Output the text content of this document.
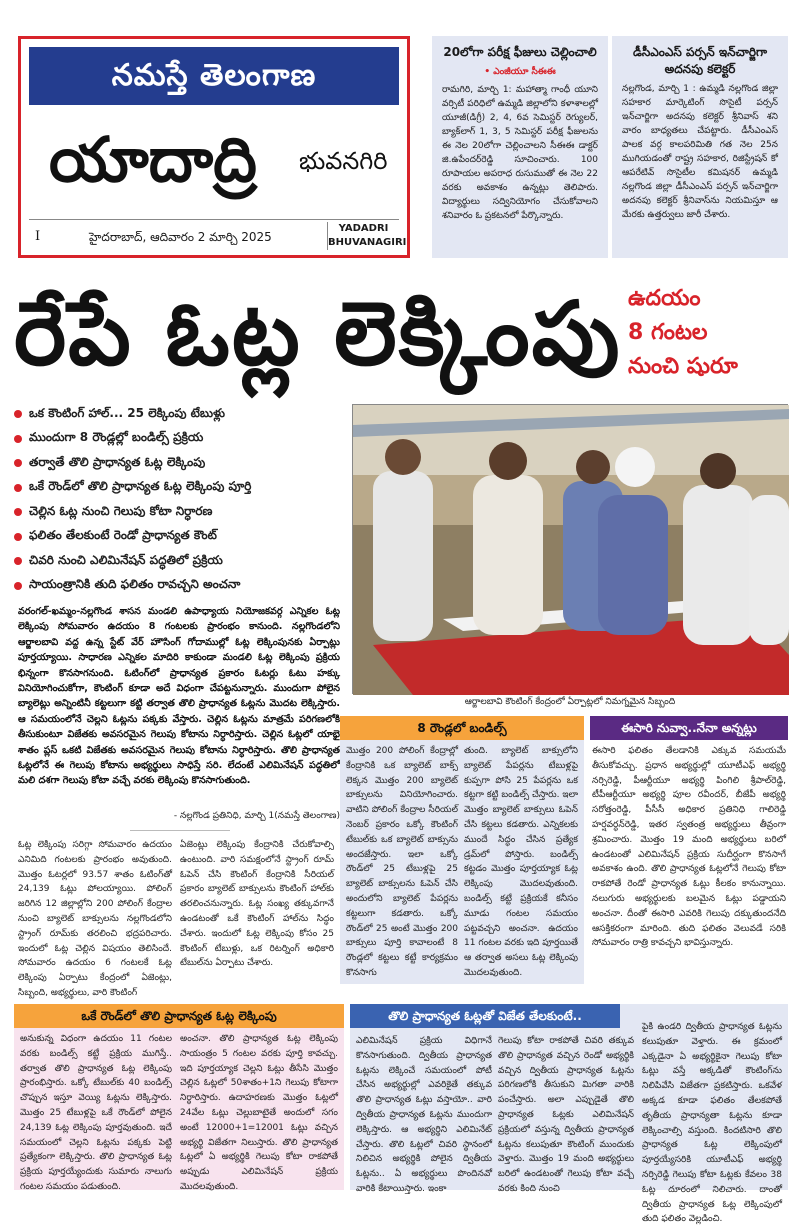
నమస్తే తెలంగాణ
యాదాద్రి భువనగిరి
I	హైదరాబాద్‌, ఆదివారం 2 మార్చి 2025
YADADRI BHUVANAGIRI
20లోగా పరీక్ష ఫీజులు చెల్లించాలి
• ఎంజీయూ సీఈఈ

రామగిరి, మార్చి 1: మహాత్మా గాంధీ యూని వర్సిటీ పరిధిలో ఉమ్మడి జిల్లాలోని కళాశాలల్లో యూజీ(డిగ్రీ) 2, 4, 6వ సెమిస్టర్ రెగ్యులర్, బ్యాక్‌లాగ్ 1, 3, 5 సెమిస్టర్ పరీక్ష ఫీజులను ఈ నెల 20లోగా చెల్లించాలని సీఈఈ డాక్టర్ జి.ఉపేందర్‌రెడ్డి సూచించారు. 100 రూపాయల అపరాధ రుసుముతో ఈ నెల 22 వరకు అవకాశం ఉన్నట్లు తెలిపారు. విద్యార్థులు సద్వినియోగం చేసుకోవాలని శనివారం ఓ ప్రకటనలో పేర్కొన్నారు.

డీసీఎంఎస్ పర్సన్ ఇన్‌చార్జిగా అదనపు కలెక్టర్

నల్లగొండ, మార్చి 1 : ఉమ్మడి నల్లగొండ జిల్లా సహకార మార్కెటింగ్ సొసైటీ పర్సన్ ఇన్‌చార్జిగా అదనపు కలెక్టర్ శ్రీనివాస్ శని వారం బాధ్యతలు చేపట్టారు. డీసీఎంఎస్ పాలక వర్గ కాలపరిమితి గత నెల 25న ముగియడంతో రాష్ట్ర సహకార, రిజిస్ట్రేషన్ కో ఆపరేటివ్ సొసైటీల కమిషనర్ ఉమ్మడి నల్లగొండ జిల్లా డీసీఎంఎస్ పర్సన్ ఇన్‌చార్జిగా అదనపు కలెక్టర్ శ్రీనివాస్‌ను నియమిస్తూ ఆ మేరకు ఉత్తర్వులు జారీ చేశారు.

రేపే ఓట్ల లెక్కింపు ఉదయం
8 గంటల
నుంచి షురూ
ఒక కౌంటింగ్ హాల్‌... 25 లెక్కింపు టేబుళ్లు
ముందుగా 8 రౌండ్లల్లో బండిల్స్ ప్రక్రియ
తర్వాతే తొలి ప్రాధాన్యత ఓట్ల లెక్కింపు
ఒకే రౌండ్‌లో తొలి ప్రాధాన్యత ఓట్ల లెక్కింపు పూర్తి
చెల్లిన ఓట్ల నుంచి గెలుపు కోటా నిర్ధారణ
ఫలితం తేలకుంటే రెండో ప్రాధాన్యత కౌంట్
చివరి నుంచి ఎలిమినేషన్ పద్ధతిలో ప్రక్రియ
సాయంత్రానికి తుది ఫలితం రావచ్చని అంచనా
ఆర్జాలబావి కౌంటింగ్ కేంద్రంలో ఏర్పాట్లలో నిమగ్నమైన సిబ్బంది
వరంగల్‌-ఖమ్మం-నల్లగొండ శాసన మండలి ఉపాధ్యాయ నియోజకవర్గ ఎన్నికల ఓట్ల లెక్కింపు సోమవారం ఉదయం 8 గంటలకు ప్రారంభం కానుంది. నల్లగొండలోని ఆర్జాలబావి వద్ద ఉన్న స్టేట్ వేర్ హౌసింగ్ గోదాముల్లో ఓట్ల లెక్కింపునకు ఏర్పాట్లు పూర్తయ్యాయి. సాధారణ ఎన్నికల మాదిరి కాకుండా మండలి ఓట్ల లెక్కింపు ప్రక్రియ భిన్నంగా కొనసాగనుంది. ఓటింగ్‌లో ప్రాధాన్యత ప్రకారం ఓటర్లు ఓటు హక్కు వినియోగించుకోగా, కౌంటింగ్ కూడా అదే విధంగా చేపట్టనున్నారు. ముందుగా పోలైన బ్యాలెట్లు అన్నింటినీ కట్టలుగా కట్టి తర్వాత తొలి ప్రాధాన్యత ఓట్లను మొదట లెక్కిస్తారు. ఆ సమయంలోనే చెల్లని ఓట్లను పక్కకు వేస్తారు. చెల్లిన ఓట్లను మాత్రమే పరిగణలోకి తీసుకుంటూ విజేతకు అవసరమైన గెలుపు కోటాను నిర్ధారిస్తారు. చెల్లిన ఓట్లలో యాభై శాతం ప్లస్ ఒకటి విజేతకు అవసరమైన గెలుపు కోటాను నిర్ధారిస్తారు. తొలి ప్రాధాన్యత ఓట్లలోనే ఈ గెలుపు కోటాను అభ్యర్థులు సాధిస్తే సరి. లేదంటే ఎలిమినేషన్ పద్ధతిలో మలి దశగా గెలుపు కోటా వచ్చే వరకు లెక్కింపు కొనసాగుతుంది.
- నల్లగొండ ప్రతినిధి, మార్చి 1(నమస్తే తెలంగాణ)
ఓట్ల లెక్కింపు సరిగ్గా సోమవారం ఉదయం ఎనిమిది గంటలకు ప్రారంభం అవుతుంది. మొత్తం ఓటర్లలో 93.57 శాతం ఓటింగ్‌తో 24,139 ఓట్లు పోలయ్యాయి. పోలింగ్ జరిగిన 12 జిల్లాల్లోని 200 పోలింగ్ కేంద్రాల నుంచి బ్యాలెట్ బాక్సులను నల్లగొండలోని స్ట్రాంగ్ రూమ్‌కు తరలించి భద్రపరిచారు. ఇందులో ఓట్ల చెల్లిన విషయం తెలిసిందే. సోమవారం ఉదయం 6 గంటలకే ఓట్ల లెక్కింపు ఏర్పాటు కేంద్రంలో ఏజెంట్లు, సిబ్బంది, అభ్యర్థులు, వారి కౌంటింగ్
ఏజెంట్లు లెక్కింపు కేంద్రానికి చేరుకోవాల్సి ఉంటుంది. వారి సమక్షంలోనే స్ట్రాంగ్ రూమ్ ఓపెన్ చేసి కౌంటింగ్ కేంద్రానికి సీరియల్ ప్రకారం బ్యాలెట్ బాక్సులను కౌంటింగ్ హాల్‌కు తరలించనున్నారు. ఓట్ల సంఖ్య తక్కువగానే ఉండటంతో ఒకే కౌంటింగ్ హాల్‌ను సిద్ధం చేశారు. ఇందులో ఓట్ల లెక్కింపు కోసం 25 కౌంటింగ్ టేబుళ్లు, ఒక రిటర్నింగ్ అధికారి టేబుల్‌ను ఏర్పాటు చేశారు.
8 రౌండ్లలో బండిల్స్
మొత్తం 200 పోలింగ్ కేంద్రాల్లో కేంద్రానికి ఒక బ్యాలెట్ బాక్స్ లెక్కన మొత్తం 200 బ్యాలెట్ బాక్సులను వినియోగించారు. వాటిని పోలింగ్ కేంద్రాల సీరియల్ నెంబర్ ప్రకారం ఒక్కో కౌంటింగ్ టేబుల్‌కు ఒక బ్యాలెట్ బాక్సును అందజేస్తారు. ఇలా ఒక్కో రౌండ్‌లో 25 టేబుళ్లపై 25 బ్యాలెట్ బాక్సులను ఓపెన్ చేసి అందులోని బ్యాలెట్ పేపర్లను కట్టలుగా కడతారు. ఒక్కో రౌండ్‌లో 25 అంటే మొత్తం 200 బాక్సులు పూర్తి కావాలంటే 8 రౌండ్లలో కట్టలు కట్టే కార్యక్రమం కొనసాగు
తుంది. బ్యాలెట్ బాక్సులోని బ్యాలెట్ పేపర్లను టేబుళ్లపై కుప్పగా పోసి 25 పేపర్లను ఒక కట్టగా కట్టి బండిల్స్ చేస్తారు. ఇలా మొత్తం బ్యాలెట్ బాక్సులు ఓపెన్ చేసి కట్టలు కడతారు. ఎన్నికలకు ముందే సిద్ధం చేసిన ప్రత్యేక డ్రమ్‌లో పోస్తారు. బండిల్స్ కట్టడం మొత్తం పూర్తయ్యాక ఓట్ల లెక్కింపు మొదలవుతుంది. బండిల్స్ కట్టే ప్రక్రియకే కనీసం మూడు గంటల సమయం పట్టవచ్చని అంచనా. ఉదయం 11 గంటల వరకు ఇది పూర్తయితే ఆ తర్వాత అసలు ఓట్ల లెక్కింపు మొదలవుతుంది.
ఈసారి నువ్వా..నేనా అన్నట్లు
ఈసారి ఫలితం తేలడానికి ఎక్కువ సమయమే తీసుకోవచ్చు. ప్రధాన అభ్యర్థుల్లో యూటీఎఫ్ అభ్యర్థి నర్సిరెడ్డి, పీఆర్టీయూ అభ్యర్థి పింగిలి శ్రీపాల్‌రెడ్డి, టీపీఆర్టీయూ అభ్యర్థి పూల రవీందర్, బీజేపీ అభ్యర్థి సరోత్తంరెడ్డి, పీసీసీ అధికార ప్రతినిధి గాలిరెడ్డి హర్షవర్ధన్‌రెడ్డి, ఇతర స్వతంత్ర అభ్యర్థులు తీవ్రంగా శ్రమించారు. మొత్తం 19 మంది అభ్యర్థులు బరిలో ఉండటంతో ఎలిమినేషన్ ప్రక్రియ సుదీర్ఘంగా కొనసాగే అవకాశం ఉంది. తొలి ప్రాధాన్యత ఓట్లలోనే గెలుపు కోటా రాకపోతే రెండో ప్రాధాన్యత ఓట్లు కీలకం కానున్నాయి. నలుగురు అభ్యర్థులకు బలమైన ఓట్లు పడ్డాయని అంచనా. దీంతో ఈసారి ఎవరికి గెలుపు దక్కుతుందనేది ఆసక్తికరంగా మారింది. తుది ఫలితం వెలువడే సరికి సోమవారం రాత్రి కావచ్చని భావిస్తున్నారు.
ఒకే రౌండ్‌లో తొలి ప్రాధాన్యత ఓట్ల లెక్కింపు
అనుకున్న విధంగా ఉదయం 11 గంటల వరకు బండిల్స్ కట్టే ప్రక్రియ ముగిస్తే.. తర్వాత తొలి ప్రాధాన్యత ఓట్ల లెక్కింపు ప్రారంభిస్తారు. ఒక్కో టేబుల్‌కు 40 బండిల్స్ చొప్పున ఇస్తూ వెయ్యి ఓట్లను లెక్కిస్తారు. మొత్తం 25 టేబుళ్లపై ఒకే రౌండ్‌లో పోలైన 24,139 ఓట్ల లెక్కింపు పూర్తవుతుంది. ఇదే సమయంలో చెల్లని ఓట్లను పక్కకు పెట్టి ప్రత్యేకంగా లెక్కిస్తారు. తొలి ప్రాధాన్యత ఓట్ల ప్రక్రియ పూర్తయ్యేందుకు సుమారు నాలుగు గంటల సమయం పడుతుంది.
అంచనా. తొలి ప్రాధాన్యత ఓట్ల లెక్కింపు సాయంత్రం 5 గంటల వరకు పూర్తి కావచ్చు. ఇది పూర్తయ్యాక చెల్లని ఓట్లు తీసేసి మొత్తం చెల్లిన ఓట్లలో 50శాతం+1ని గెలుపు కోటాగా నిర్ధారిస్తారు. ఉదాహరణకు మొత్తం ఓట్లలో 24వేల ఓట్లు చెల్లుబాటైతే అందులో సగం అంటే 12000+1=12001 ఓట్లు వచ్చిన అభ్యర్థి విజేతగా నిలుస్తారు. తొలి ప్రాధాన్యత ఓట్లలో ఏ అభ్యర్థికి గెలుపు కోటా రాకపోతే అప్పుడు ఎలిమినేషన్ ప్రక్రియ మొదలవుతుంది.
తొలి ప్రాధాన్యత ఓట్లతో విజేత తేలకుంటే..
ఎలిమినేషన్ ప్రక్రియ విధిగానే కొనసాగుతుంది. ద్వితీయ ప్రాధాన్యత ఓట్లను లెక్కించే సమయంలో పోటీ చేసిన అభ్యర్థుల్లో ఎవరికైతే తక్కువ తొలి ప్రాధాన్యత ఓట్లు వస్తాయో.. వారి ద్వితీయ ప్రాధాన్యత ఓట్లను ముందుగా లెక్కిస్తారు. ఆ అభ్యర్థిని ఎలిమినేట్ చేస్తారు. తొలి ఓట్లలో చివరి స్థానంలో నిలిచిన అభ్యర్థికి పోలైన ద్వితీయ ఓట్లను.. ఏ అభ్యర్థులు పొందినవో వారికి కేటాయిస్తారు. ఇంకా
గెలుపు కోటా రాకపోతే చివరి తక్కువ తొలి ప్రాధాన్యత వచ్చిన రెండో అభ్యర్థికి వచ్చిన ద్వితీయ ప్రాధాన్యత ఓట్లను పరిగణలోకి తీసుకుని మిగతా వారికి పంచేస్తారు. అలా ఎప్పుడైతే తొలి ప్రాధాన్యత ఓట్లకు ఎలిమినేషన్ ప్రక్రియలో వస్తున్న ద్వితీయ ప్రాధాన్యత ఓట్లను కలుపుతూ కౌంటింగ్ ముందుకు వెళ్తారు. మొత్తం 19 మంది అభ్యర్థులు బరిలో ఉండటంతో గెలుపు కోటా వచ్చే వరకు కింది నుంచి
పైకి ఉండరి ద్వితీయ ప్రాధాన్యత ఓట్లను కలుపుతూ వెళ్తారు. ఈ క్రమంలో ఎక్కడైనా ఏ అభ్యర్థికైనా గెలుపు కోటా ఓట్లు వస్తే అక్కడితో కౌంటింగ్‌ను నిలిపివేసి విజేతగా ప్రకటిస్తారు. ఒకవేళ అక్కడ కూడా ఫలితం తేలకపోతే తృతీయ ప్రాధాన్యతా ఓట్లను కూడా లెక్కించాల్సి వస్తుంది. కిందటిసారి తొలి ప్రాధాన్యత ఓట్ల లెక్కింపులో పూర్తయ్యేసరికి యూటీఎఫ్ అభ్యర్థి నర్సిరెడ్డి గెలుపు కోటా ఓట్లకు కేవలం 38 ఓట్ల దూరంలో నిలిచారు. దాంతో ద్వితీయ ప్రాధాన్యత ఓట్ల లెక్కింపులో తుది ఫలితం వెల్లడించి.
